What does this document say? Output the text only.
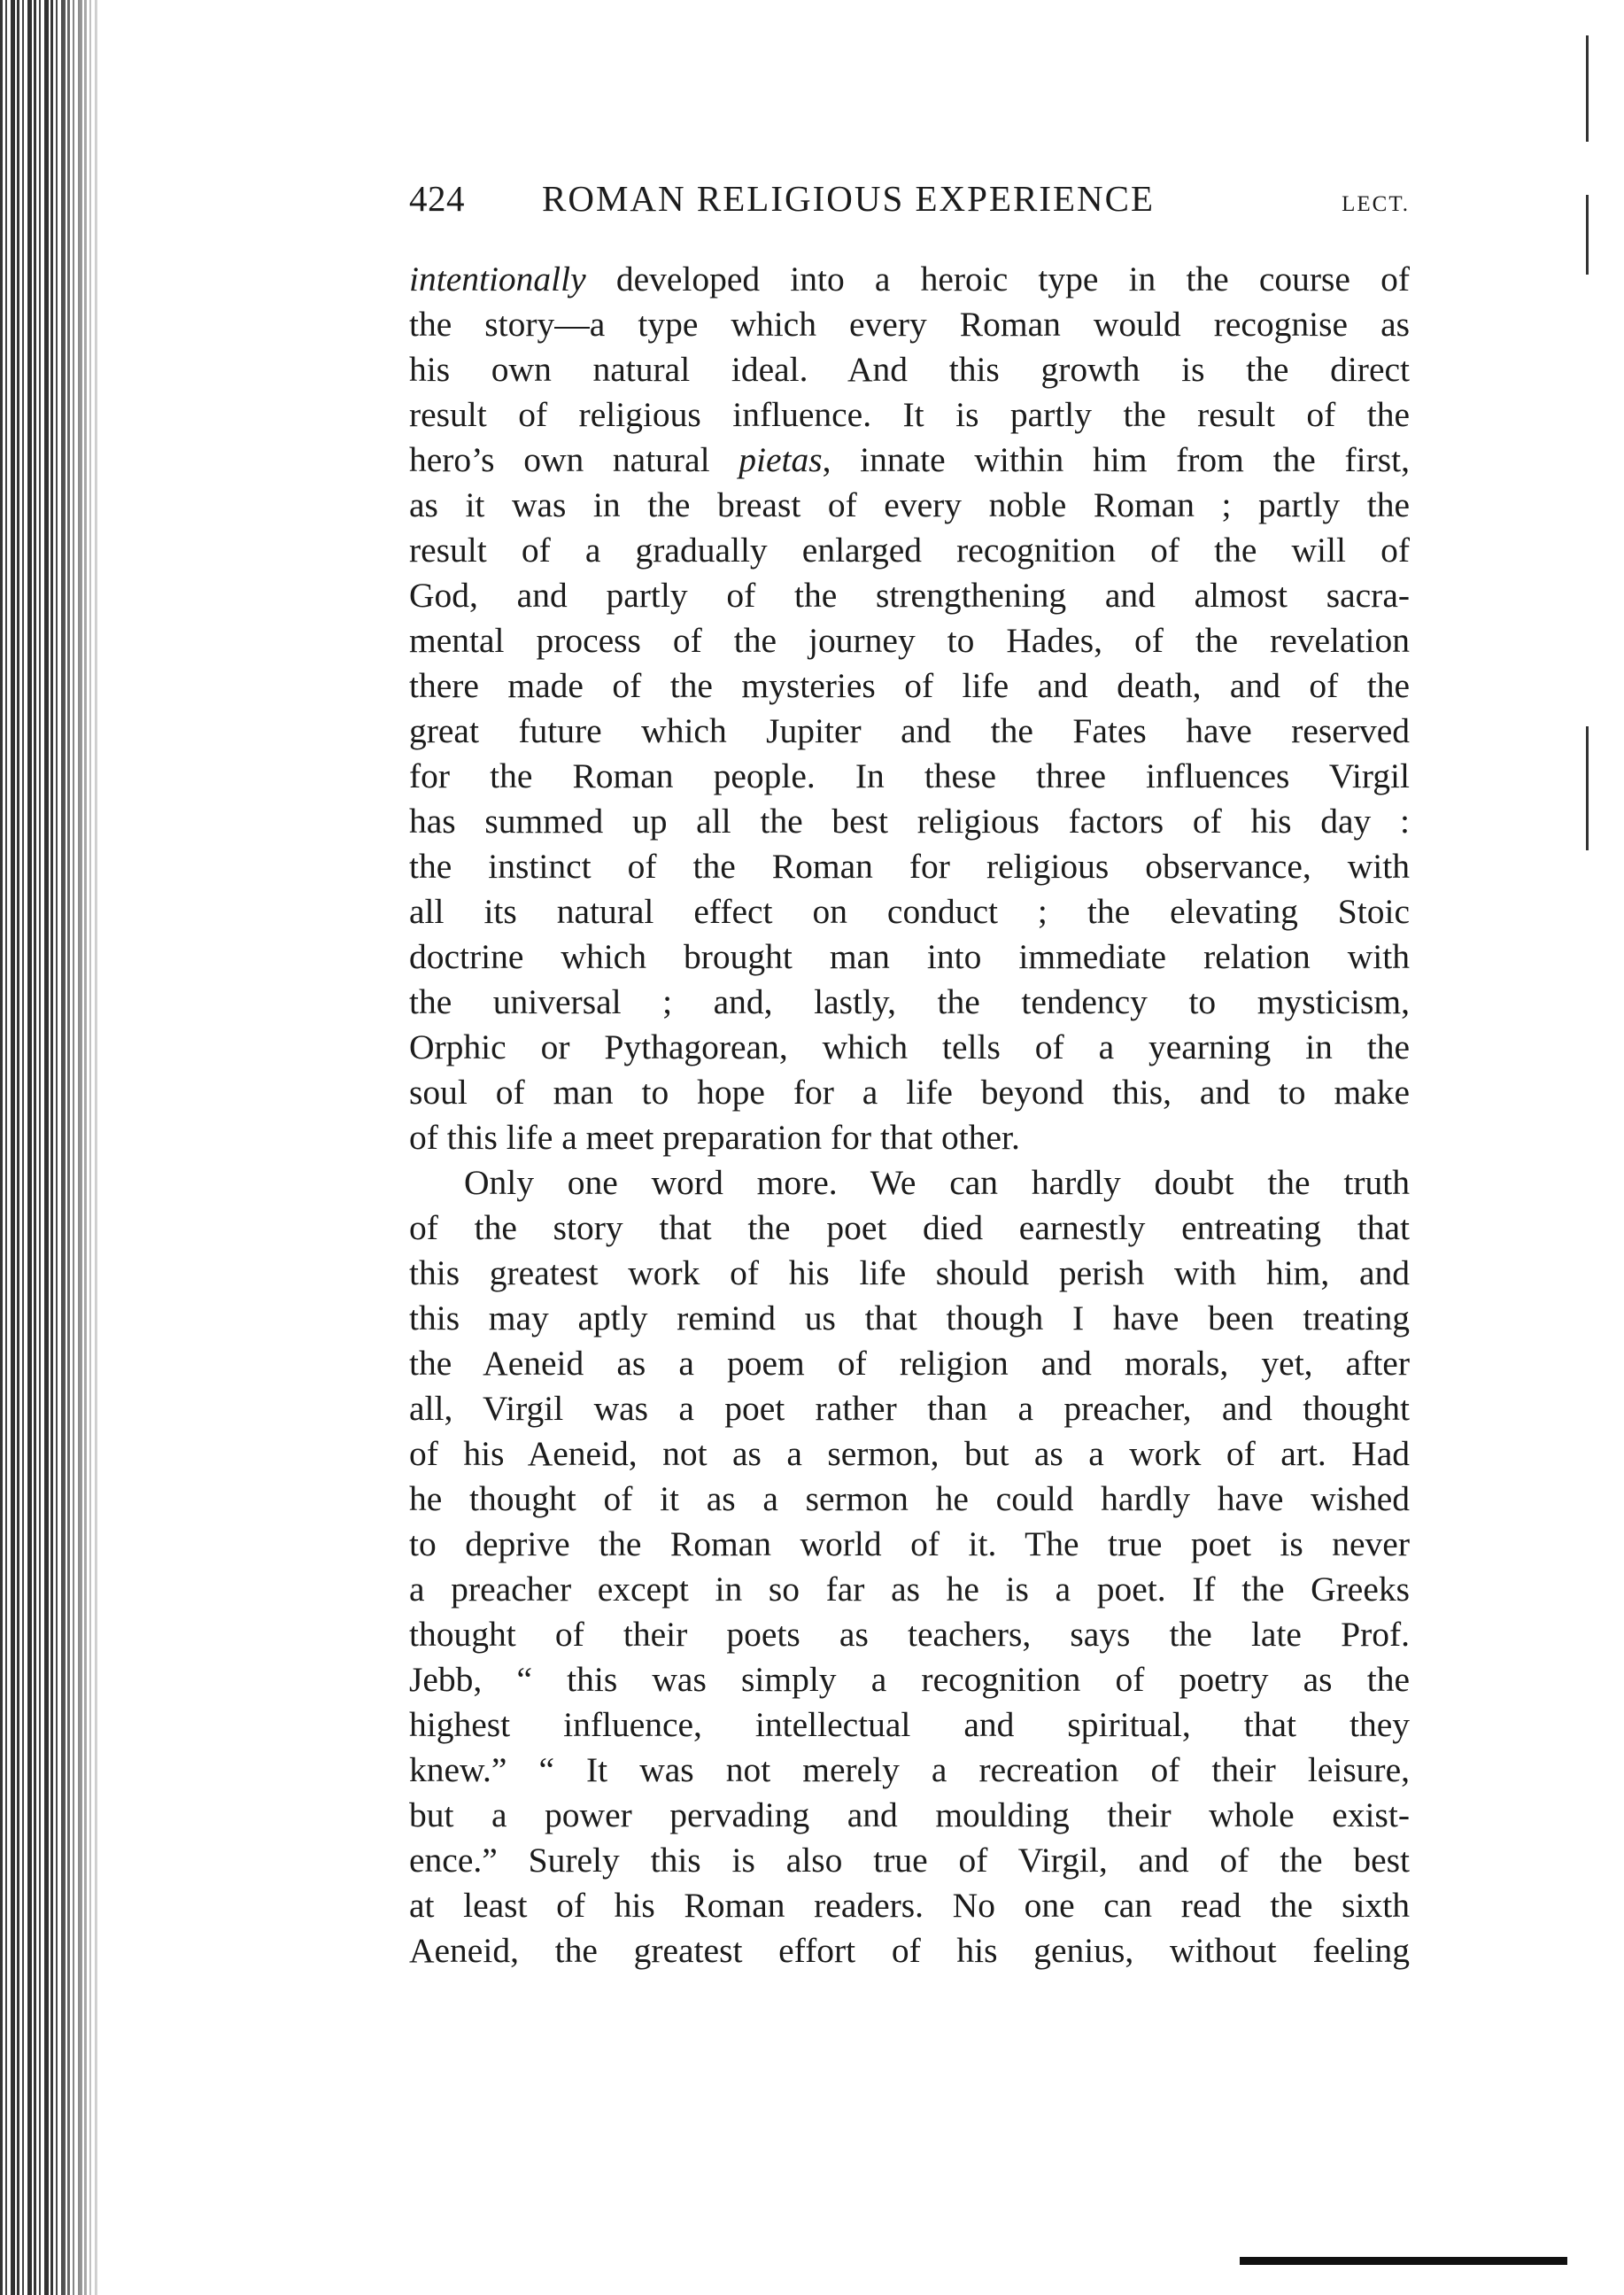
424	ROMAN RELIGIOUS EXPERIENCE	LECT.
intentionally developed into a heroic type in the course of
the story—a type which every Roman would recognise as
his own natural ideal. And this growth is the direct
result of religious influence. It is partly the result of the
hero’s own natural pietas, innate within him from the first,
as it was in the breast of every noble Roman ; partly the
result of a gradually enlarged recognition of the will of
God, and partly of the strengthening and almost sacra-
mental process of the journey to Hades, of the revelation
there made of the mysteries of life and death, and of the
great future which Jupiter and the Fates have reserved
for the Roman people. In these three influences Virgil
has summed up all the best religious factors of his day :
the instinct of the Roman for religious observance, with
all its natural effect on conduct ; the elevating Stoic
doctrine which brought man into immediate relation with
the universal ; and, lastly, the tendency to mysticism,
Orphic or Pythagorean, which tells of a yearning in the
soul of man to hope for a life beyond this, and to make
of this life a meet preparation for that other.
Only one word more. We can hardly doubt the truth
of the story that the poet died earnestly entreating that
this greatest work of his life should perish with him, and
this may aptly remind us that though I have been treating
the Aeneid as a poem of religion and morals, yet, after
all, Virgil was a poet rather than a preacher, and thought
of his Aeneid, not as a sermon, but as a work of art. Had
he thought of it as a sermon he could hardly have wished
to deprive the Roman world of it. The true poet is never
a preacher except in so far as he is a poet. If the Greeks
thought of their poets as teachers, says the late Prof.
Jebb, “ this was simply a recognition of poetry as the
highest influence, intellectual and spiritual, that they
knew.” “ It was not merely a recreation of their leisure,
but a power pervading and moulding their whole exist-
ence.” Surely this is also true of Virgil, and of the best
at least of his Roman readers. No one can read the sixth
Aeneid, the greatest effort of his genius, without feeling
